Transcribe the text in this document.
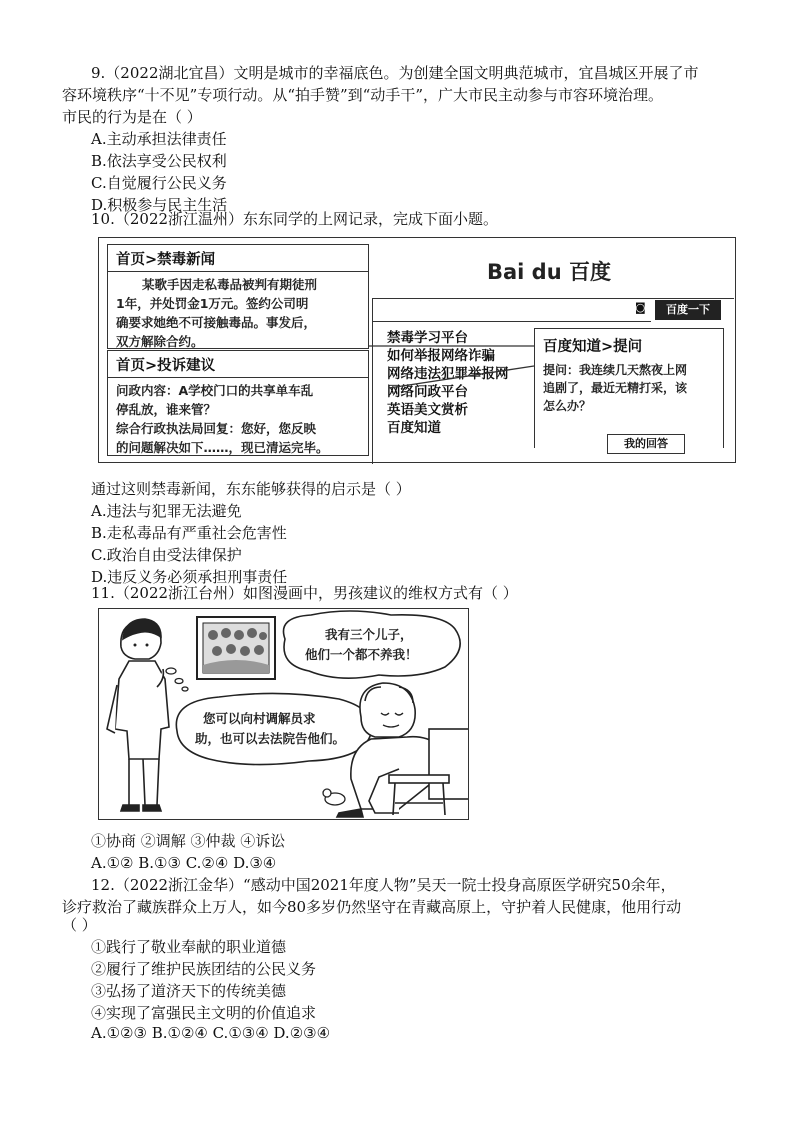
9.（2022湖北宜昌）文明是城市的幸福底色。为创建全国文明典范城市，宜昌城区开展了市
容环境秩序“十不见”专项行动。从“拍手赞”到“动手干”，广大市民主动参与市容环境治理。
市民的行为是在（ ）
A.主动承担法律责任
B.依法享受公民权利
C.自觉履行公民义务
D.积极参与民主生活
10.（2022浙江温州）东东同学的上网记录，完成下面小题。
首页>禁毒新闻
某歌手因走私毒品被判有期徒刑
1年，并处罚金1万元。签约公司明
确要求她绝不可接触毒品。事发后，
双方解除合约。
首页>投诉建议
问政内容：A学校门口的共享单车乱
停乱放，谁来管？
综合行政执法局回复：您好，您反映
的问题解决如下……，现已清运完毕。
Bai du 百度
◙	百度一下
禁毒学习平台
如何举报网络诈骗
网络违法犯罪举报网
网络问政平台
英语美文赏析
百度知道
百度知道>提问
提问：我连续几天熬夜上网
追剧了，最近无精打采，该
怎么办？
我的回答
通过这则禁毒新闻，东东能够获得的启示是（ ）
A.违法与犯罪无法避免
B.走私毒品有严重社会危害性
C.政治自由受法律保护
D.违反义务必须承担刑事责任
11.（2022浙江台州）如图漫画中，男孩建议的维权方式有（ ）
我有三个儿子，
他们一个都不养我！
您可以向村调解员求
助，也可以去法院告他们。
①协商 ②调解 ③仲裁 ④诉讼
A.①② B.①③ C.②④ D.③④
12.（2022浙江金华）“感动中国2021年度人物”吴天一院士投身高原医学研究50余年，
诊疗救治了藏族群众上万人，如今80多岁仍然坚守在青藏高原上，守护着人民健康，他用行动
（ ）
①践行了敬业奉献的职业道德
②履行了维护民族团结的公民义务
③弘扬了道济天下的传统美德
④实现了富强民主文明的价值追求
A.①②③ B.①②④ C.①③④ D.②③④
